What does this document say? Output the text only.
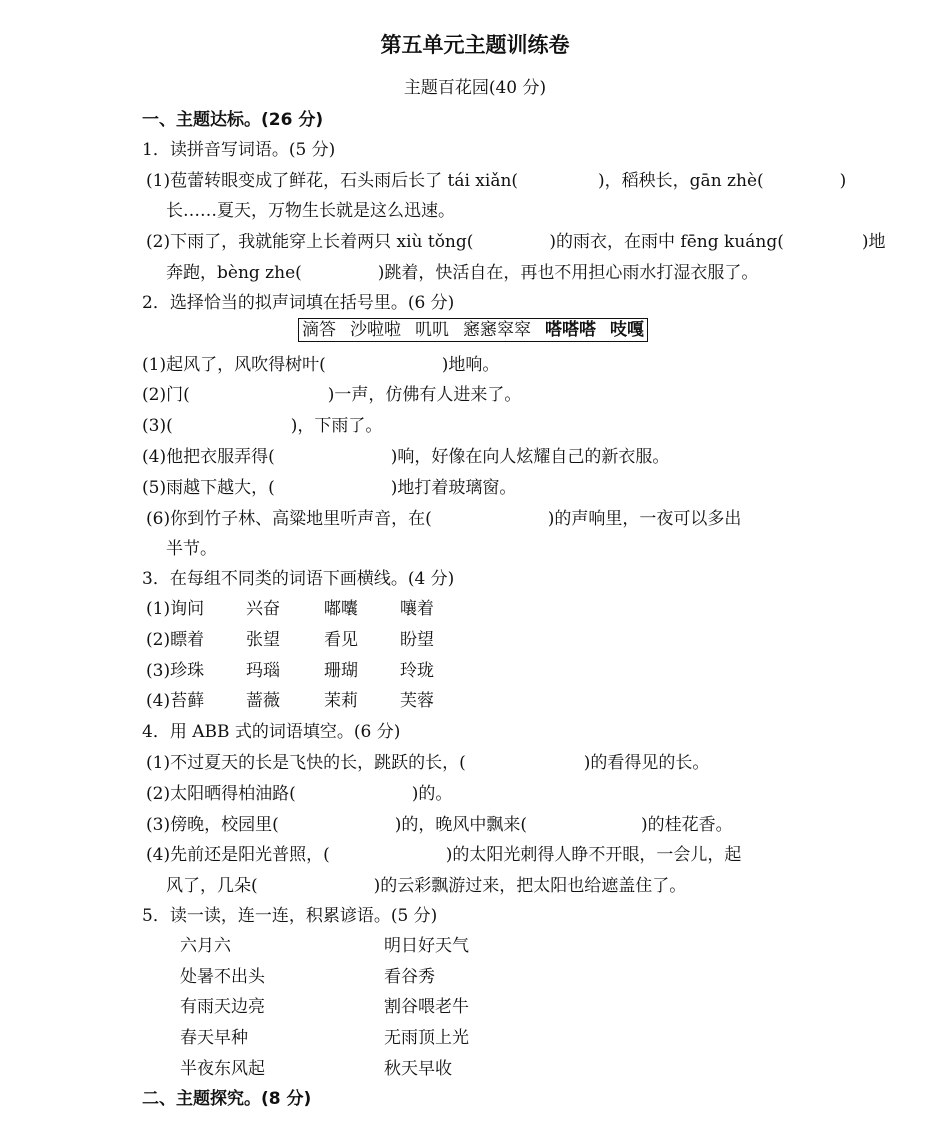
第五单元主题训练卷
主题百花园(40 分)
一、主题达标。(26 分)
1．读拼音写词语。(5 分)
(1)苞蕾转眼变成了鲜花，石头雨后长了 tái xiǎn(	)，稻秧长，gān zhè(	)
长……夏天，万物生长就是这么迅速。
(2)下雨了，我就能穿上长着两只 xiù tǒng(	)的雨衣，在雨中 fēng kuáng(	)地
奔跑，bèng zhe(	)跳着，快活自在，再也不用担心雨水打湿衣服了。
2．选择恰当的拟声词填在括号里。(6 分)
滴答 沙啦啦 叽叽 窸窸窣窣 嗒嗒嗒 吱嘎
(1)起风了，风吹得树叶(	)地响。
(2)门(	)一声，仿佛有人进来了。
(3)(	)，下雨了。
(4)他把衣服弄得(	)响，好像在向人炫耀自己的新衣服。
(5)雨越下越大，(	)地打着玻璃窗。
(6)你到竹子林、高粱地里听声音，在(	)的声响里，一夜可以多出
半节。
3．在每组不同类的词语下画横线。(4 分)
(1)询问 兴奋	嘟囔 嚷着
(2)瞟着 张望	看见 盼望
(3)珍珠 玛瑙	珊瑚 玲珑
(4)苔藓 蔷薇	茉莉 芙蓉
4．用 ABB 式的词语填空。(6 分)
(1)不过夏天的长是飞快的长，跳跃的长，(	)的看得见的长。
(2)太阳晒得柏油路(	)的。
(3)傍晚，校园里(	)的，晚风中飘来(	)的桂花香。
(4)先前还是阳光普照，(	)的太阳光刺得人睁不开眼，一会儿，起
风了，几朵(	)的云彩飘游过来，把太阳也给遮盖住了。
5．读一读，连一连，积累谚语。(5 分)
六月六	明日好天气
处暑不出头	看谷秀
有雨天边亮	割谷喂老牛
春天早种	无雨顶上光
半夜东风起	秋天早收
二、主题探究。(8 分)
